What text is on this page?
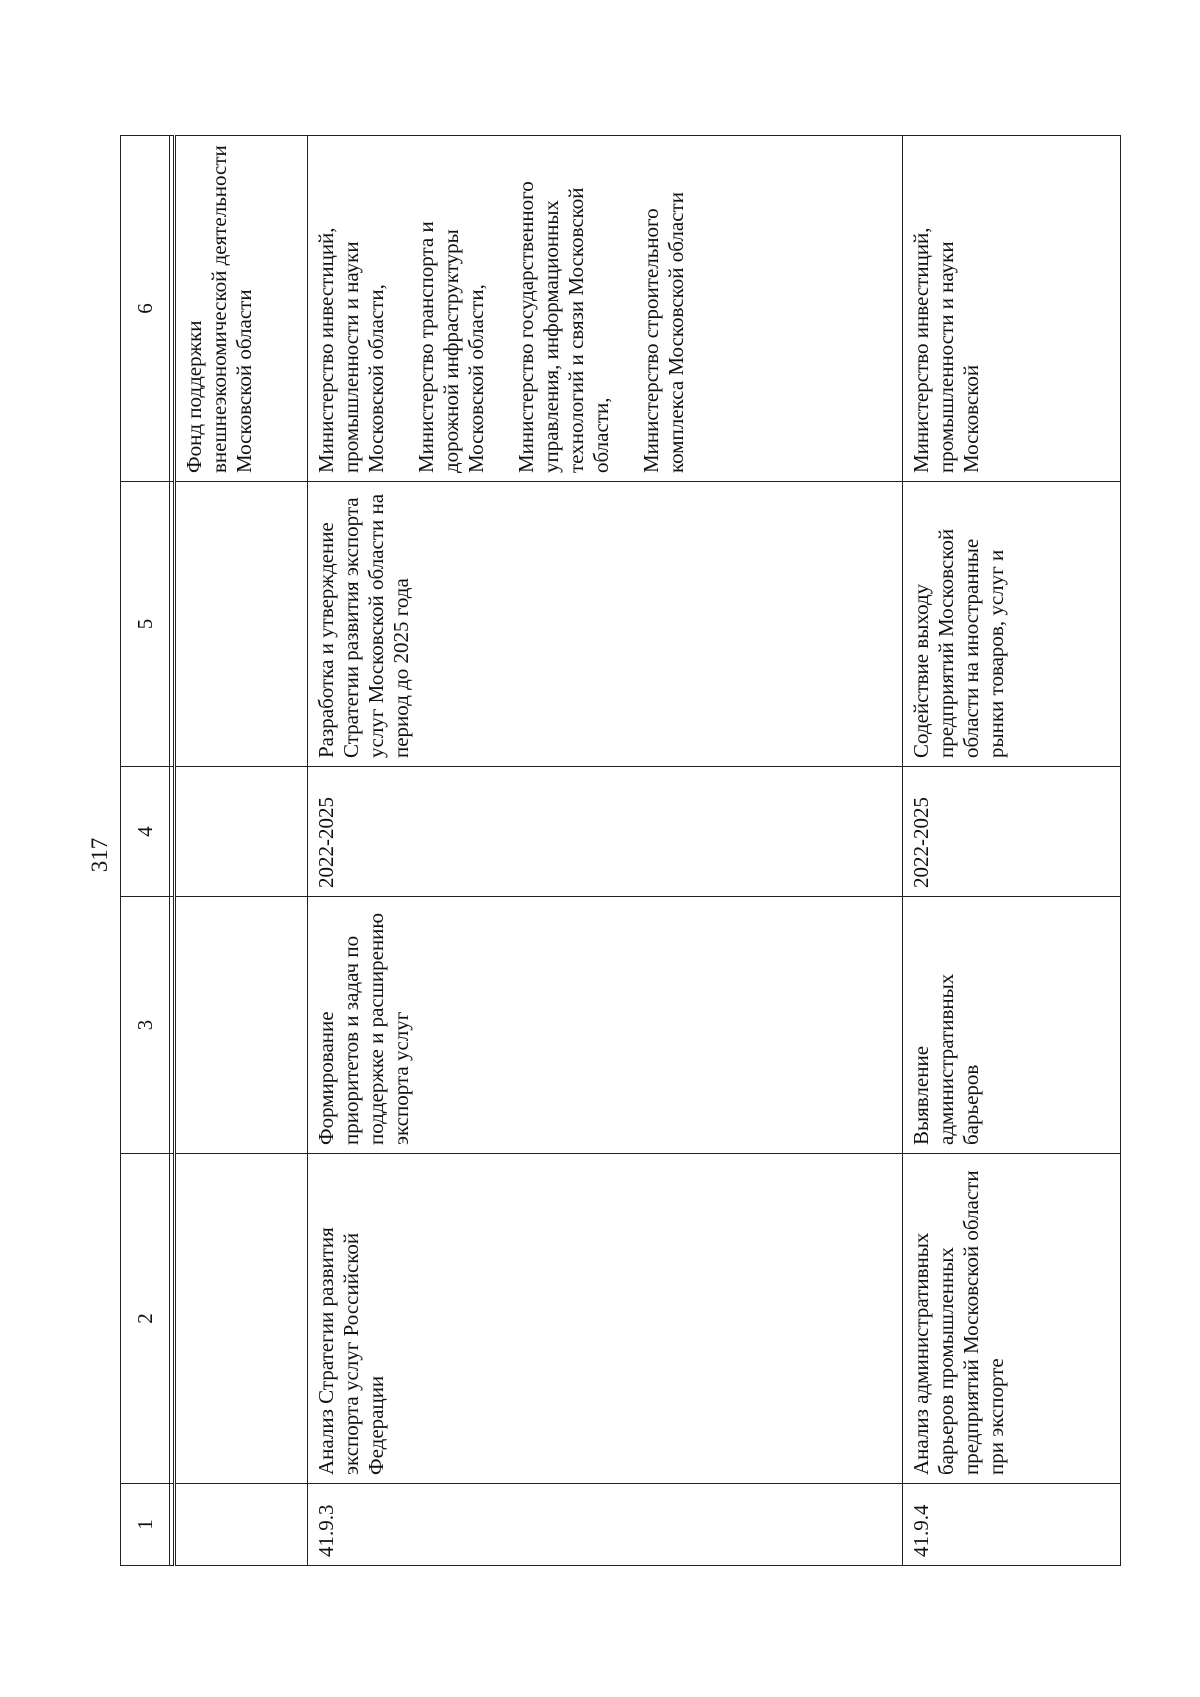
317
1	2	3	4	5	6

					Фонд поддержки внешнеэкономической деятельности Московской области
41.9.3	Анализ Стратегии развития экспорта услуг Российской Федерации	Формирование приоритетов и задач по поддержке и расширению экспорта услуг	2022-2025	Разработка и утверждение Стратегии развития экспорта услуг Московской области на период до 2025 года	Министерство инвестиций, промышленности и науки Московской области, Министерство транспорта и дорожной инфраструктуры Московской области, Министерство государственного управления, информационных технологий и связи Московской области, Министерство строительного комплекса Московской области

41.9.4	Анализ административных барьеров промышленных предприятий Московской области при экспорте	Выявление административных барьеров	2022-2025	Содействие выходу предприятий Московской области на иностранные рынки товаров, услуг и	Министерство инвестиций, промышленности и науки Московской
